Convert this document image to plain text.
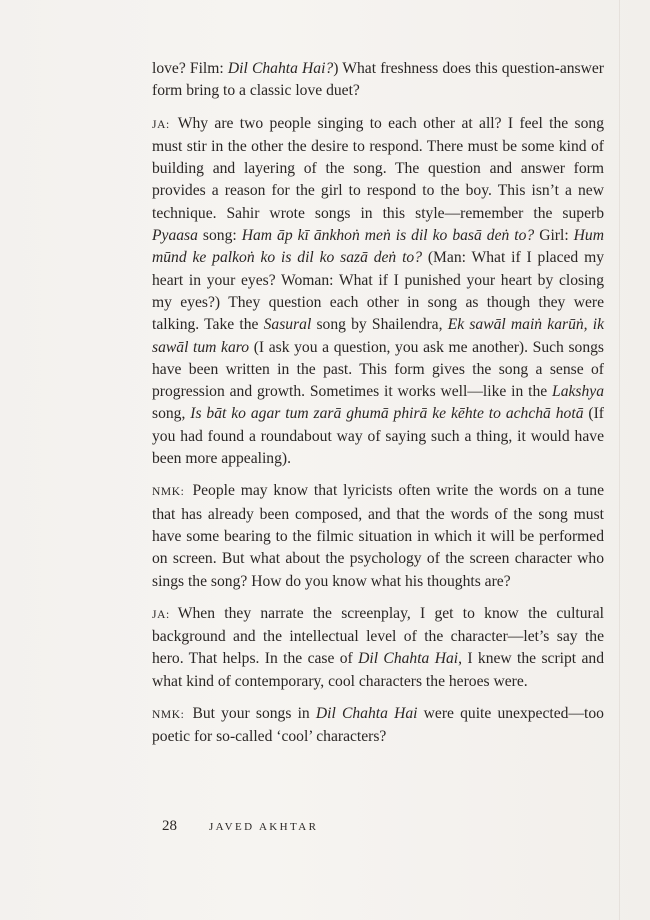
love? Film: Dil Chahta Hai?) What freshness does this question-answer form bring to a classic love duet?

JA: Why are two people singing to each other at all? I feel the song must stir in the other the desire to respond. There must be some kind of building and layering of the song. The question and answer form provides a reason for the girl to respond to the boy. This isn’t a new technique. Sahir wrote songs in this style—remember the superb Pyaasa song: Ham āp kī ānkhoṅ meṅ is dil ko basā deṅ to? Girl: Hum mūnd ke palkoṅ ko is dil ko sazā deṅ to? (Man: What if I placed my heart in your eyes? Woman: What if I punished your heart by closing my eyes?) They question each other in song as though they were talking. Take the Sasural song by Shailendra, Ek sawāl maiṅ karūṅ, ik sawāl tum karo (I ask you a question, you ask me another). Such songs have been written in the past. This form gives the song a sense of progression and growth. Sometimes it works well—like in the Lakshya song, Is bāt ko agar tum zarā ghumā phirā ke kēhte to achchā hotā (If you had found a roundabout way of saying such a thing, it would have been more appealing).

NMK: People may know that lyricists often write the words on a tune that has already been composed, and that the words of the song must have some bearing to the filmic situation in which it will be performed on screen. But what about the psychology of the screen character who sings the song? How do you know what his thoughts are?

JA: When they narrate the screenplay, I get to know the cultural background and the intellectual level of the character—let’s say the hero. That helps. In the case of Dil Chahta Hai, I knew the script and what kind of contemporary, cool characters the heroes were.

NMK: But your songs in Dil Chahta Hai were quite unexpected—too poetic for so-called ‘cool’ characters?

28	JAVED AKHTAR
